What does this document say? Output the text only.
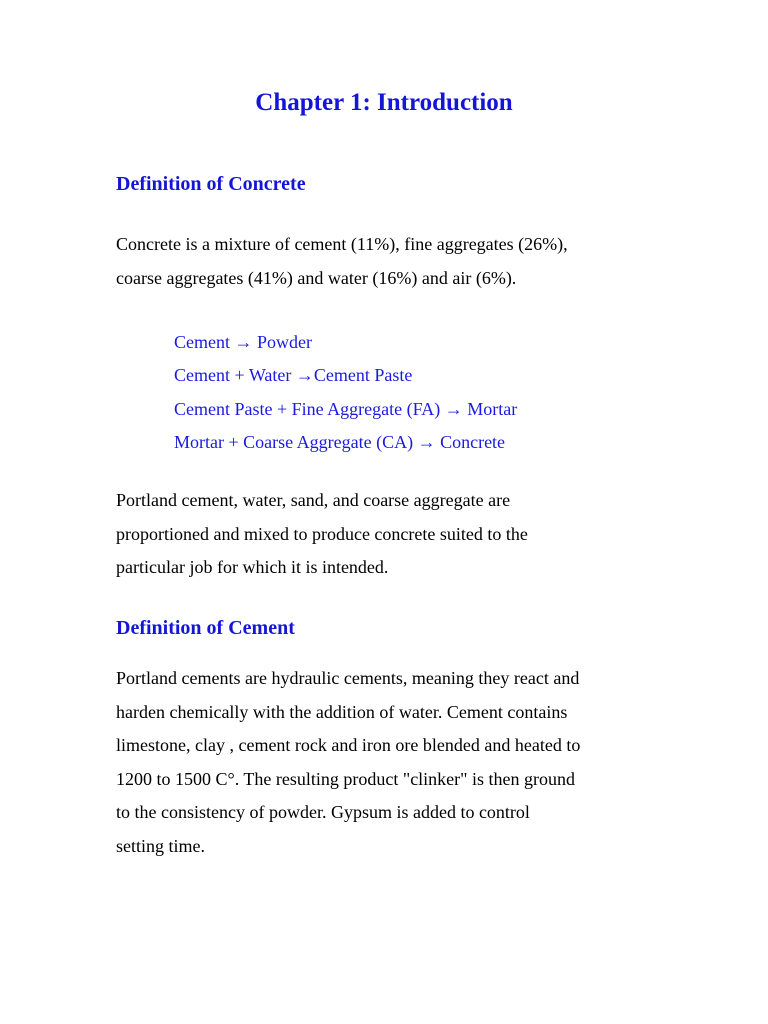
Chapter 1: Introduction
Definition of Concrete

Concrete is a mixture of cement (11%), fine aggregates (26%),
coarse aggregates (41%) and water (16%) and air (6%).

Cement → Powder
Cement + Water →Cement Paste
Cement Paste + Fine Aggregate (FA) → Mortar
Mortar + Coarse Aggregate (CA) → Concrete

Portland cement, water, sand, and coarse aggregate are
proportioned and mixed to produce concrete suited to the
particular job for which it is intended.

Definition of Cement

Portland cements are hydraulic cements, meaning they react and
harden chemically with the addition of water. Cement contains
limestone, clay , cement rock and iron ore blended and heated to
1200 to 1500 C°. The resulting product "clinker" is then ground
to the consistency of powder. Gypsum is added to control
setting time.
